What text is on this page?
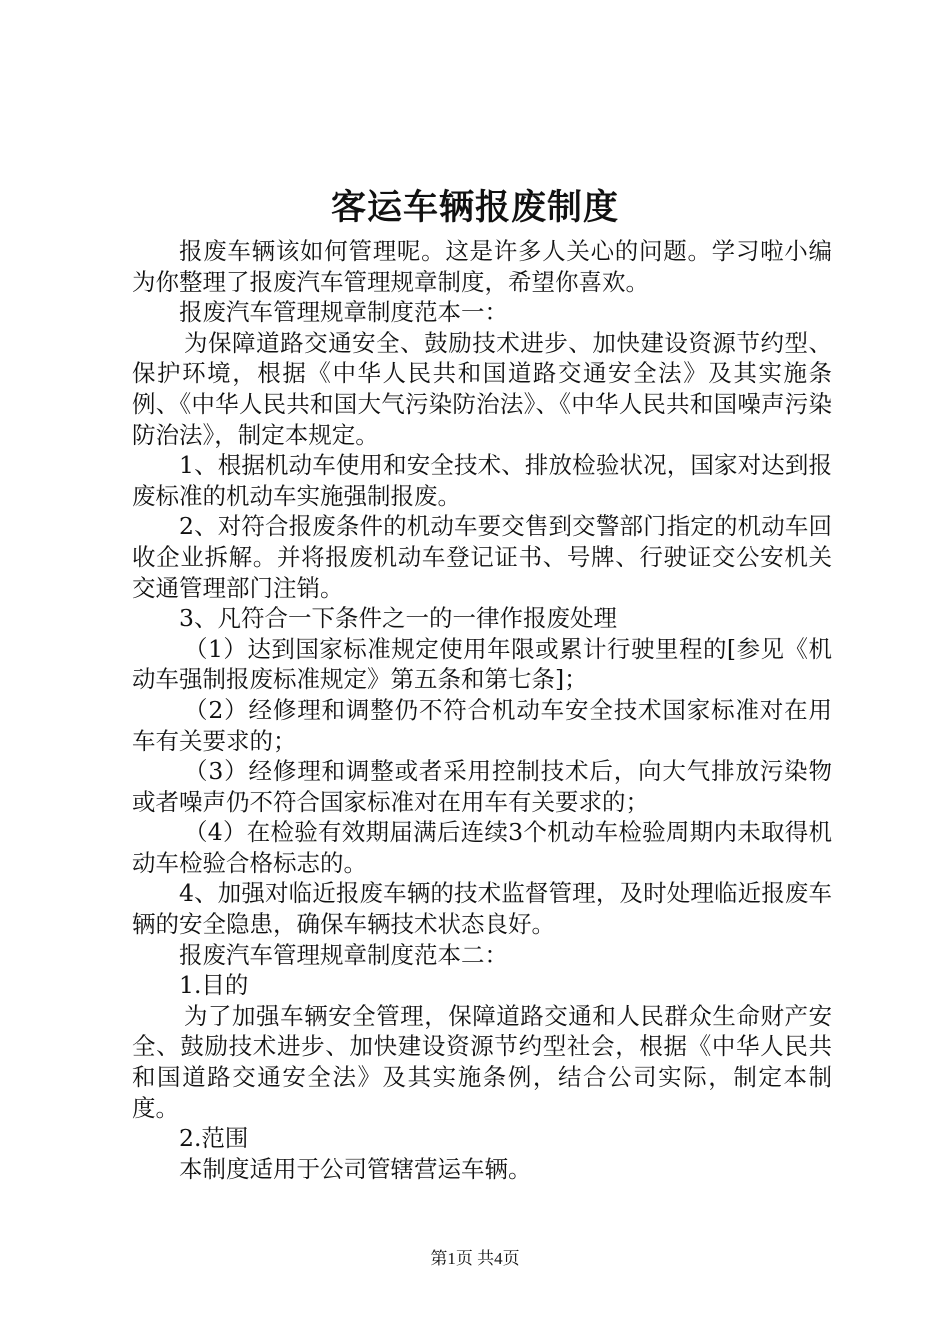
客运车辆报废制度

报废车辆该如何管理呢。这是许多人关心的问题。学习啦小编为你整理了报废汽车管理规章制度，希望你喜欢。

报废汽车管理规章制度范本一：

为保障道路交通安全、鼓励技术进步、加快建设资源节约型、保护环境，根据《中华人民共和国道路交通安全法》及其实施条例、《中华人民共和国大气污染防治法》、《中华人民共和国噪声污染防治法》，制定本规定。

1、根据机动车使用和安全技术、排放检验状况，国家对达到报废标准的机动车实施强制报废。

2、对符合报废条件的机动车要交售到交警部门指定的机动车回收企业拆解。并将报废机动车登记证书、号牌、行驶证交公安机关交通管理部门注销。

3、凡符合一下条件之一的一律作报废处理

（1）达到国家标准规定使用年限或累计行驶里程的[参见《机动车强制报废标准规定》第五条和第七条]；

（2）经修理和调整仍不符合机动车安全技术国家标准对在用车有关要求的；

（3）经修理和调整或者采用控制技术后，向大气排放污染物或者噪声仍不符合国家标准对在用车有关要求的；

（4）在检验有效期届满后连续3个机动车检验周期内未取得机动车检验合格标志的。

4、加强对临近报废车辆的技术监督管理，及时处理临近报废车辆的安全隐患，确保车辆技术状态良好。

报废汽车管理规章制度范本二：

1.目的

为了加强车辆安全管理，保障道路交通和人民群众生命财产安全、鼓励技术进步、加快建设资源节约型社会，根据《中华人民共和国道路交通安全法》及其实施条例，结合公司实际，制定本制度。

2.范围

本制度适用于公司管辖营运车辆。

第1页 共4页
